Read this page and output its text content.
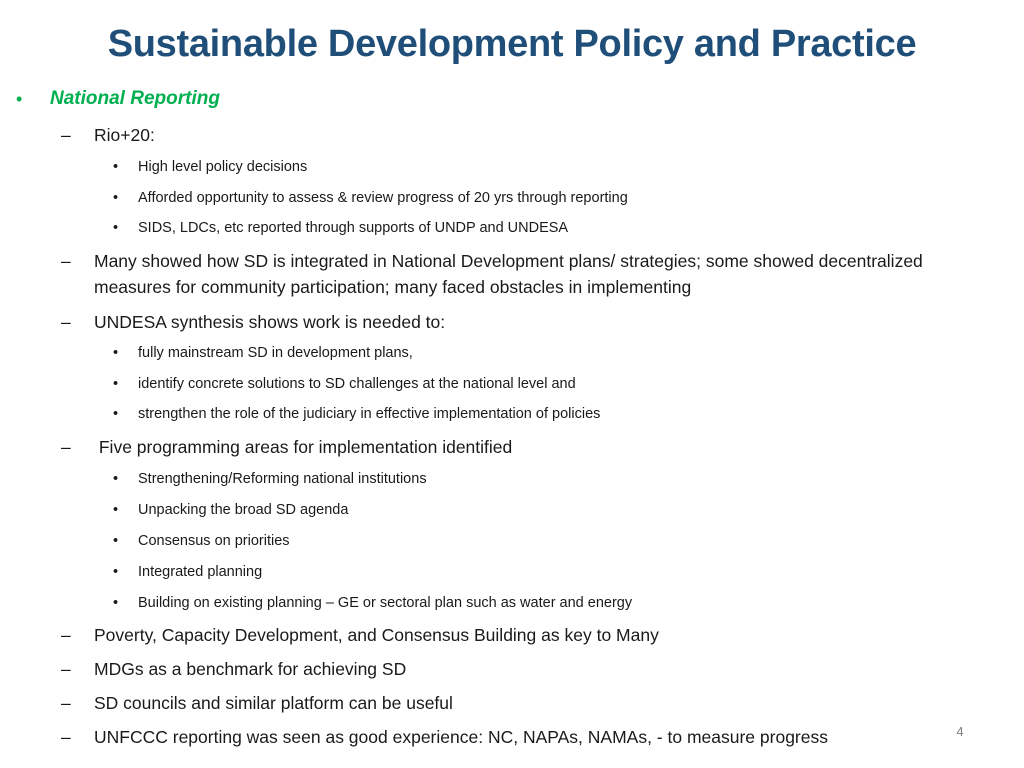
Sustainable Development Policy and Practice
• National Reporting
– Rio+20:
• High level policy decisions
• Afforded opportunity to assess & review progress of 20 yrs through reporting
• SIDS, LDCs, etc reported through supports of UNDP and UNDESA
– Many showed how SD is integrated in National Development plans/ strategies; some showed decentralized measures for community participation; many faced obstacles in implementing
– UNDESA synthesis shows work is needed to:
• fully mainstream SD in development plans,
• identify concrete solutions to SD challenges at the national level and
• strengthen the role of the judiciary in effective implementation of policies
– Five programming areas for implementation identified
• Strengthening/Reforming national institutions
• Unpacking the broad SD agenda
• Consensus on priorities
• Integrated planning
• Building on existing planning – GE or sectoral plan such as water and energy
– Poverty, Capacity Development, and Consensus Building as key to Many
– MDGs as a benchmark for achieving SD
– SD councils and similar platform can be useful
– UNFCCC reporting was seen as good experience: NC, NAPAs, NAMAs, - to measure progress	4
